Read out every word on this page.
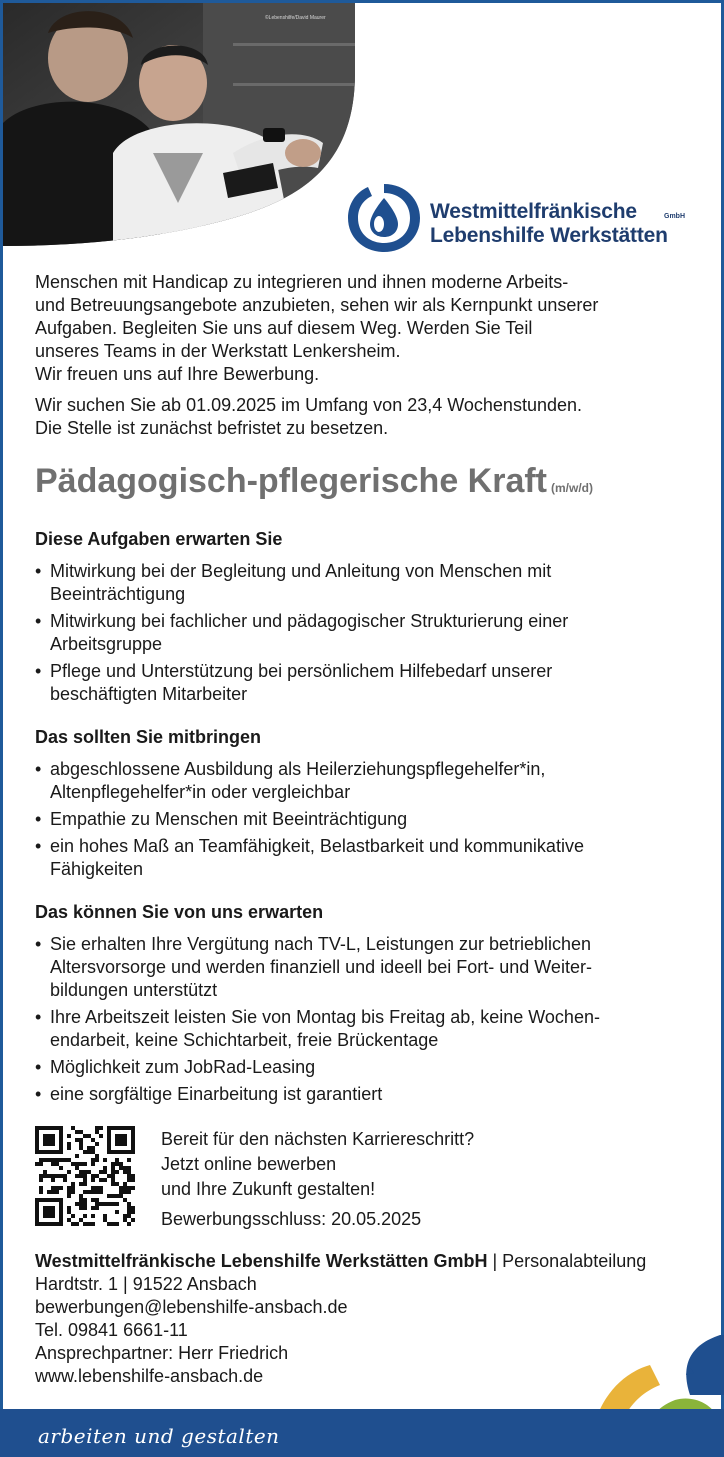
©Lebenshilfe/David Maurer
Westmittelfränkische	GmbH
Lebenshilfe Werkstätten

Menschen mit Handicap zu integrieren und ihnen moderne Arbeits-
und Betreuungsangebote anzubieten, sehen wir als Kernpunkt unserer
Aufgaben. Begleiten Sie uns auf diesem Weg. Werden Sie Teil
unseres Teams in der Werkstatt Lenkersheim.
Wir freuen uns auf Ihre Bewerbung.

Wir suchen Sie ab 01.09.2025 im Umfang von 23,4 Wochenstunden.
Die Stelle ist zunächst befristet zu besetzen.

Pädagogisch-pflegerische Kraft (m/w/d)
Diese Aufgaben erwarten Sie
• Mitwirkung bei der Begleitung und Anleitung von Menschen mit
Beeinträchtigung
• Mitwirkung bei fachlicher und pädagogischer Strukturierung einer
Arbeitsgruppe
• Pflege und Unterstützung bei persönlichem Hilfebedarf unserer
beschäftigten Mitarbeiter
Das sollten Sie mitbringen
• abgeschlossene Ausbildung als Heilerziehungspflegehelfer*in,
Altenpflegehelfer*in oder vergleichbar
• Empathie zu Menschen mit Beeinträchtigung
• ein hohes Maß an Teamfähigkeit, Belastbarkeit und kommunikative
Fähigkeiten
Das können Sie von uns erwarten
• Sie erhalten Ihre Vergütung nach TV-L, Leistungen zur betrieblichen
Altersvorsorge und werden finanziell und ideell bei Fort- und Weiter-
bildungen unterstützt
• Ihre Arbeitszeit leisten Sie von Montag bis Freitag ab, keine Wochen-
endarbeit, keine Schichtarbeit, freie Brückentage
• Möglichkeit zum JobRad-Leasing
• eine sorgfältige Einarbeitung ist garantiert
Bereit für den nächsten Karriereschritt?
Jetzt online bewerben
und Ihre Zukunft gestalten!
Bewerbungsschluss: 20.05.2025
Westmittelfränkische Lebenshilfe Werkstätten GmbH | Personalabteilung
Hardtstr. 1 | 91522 Ansbach
bewerbungen@lebenshilfe-ansbach.de
Tel. 09841 6661-11
Ansprechpartner: Herr Friedrich
www.lebenshilfe-ansbach.de
arbeiten und gestalten
